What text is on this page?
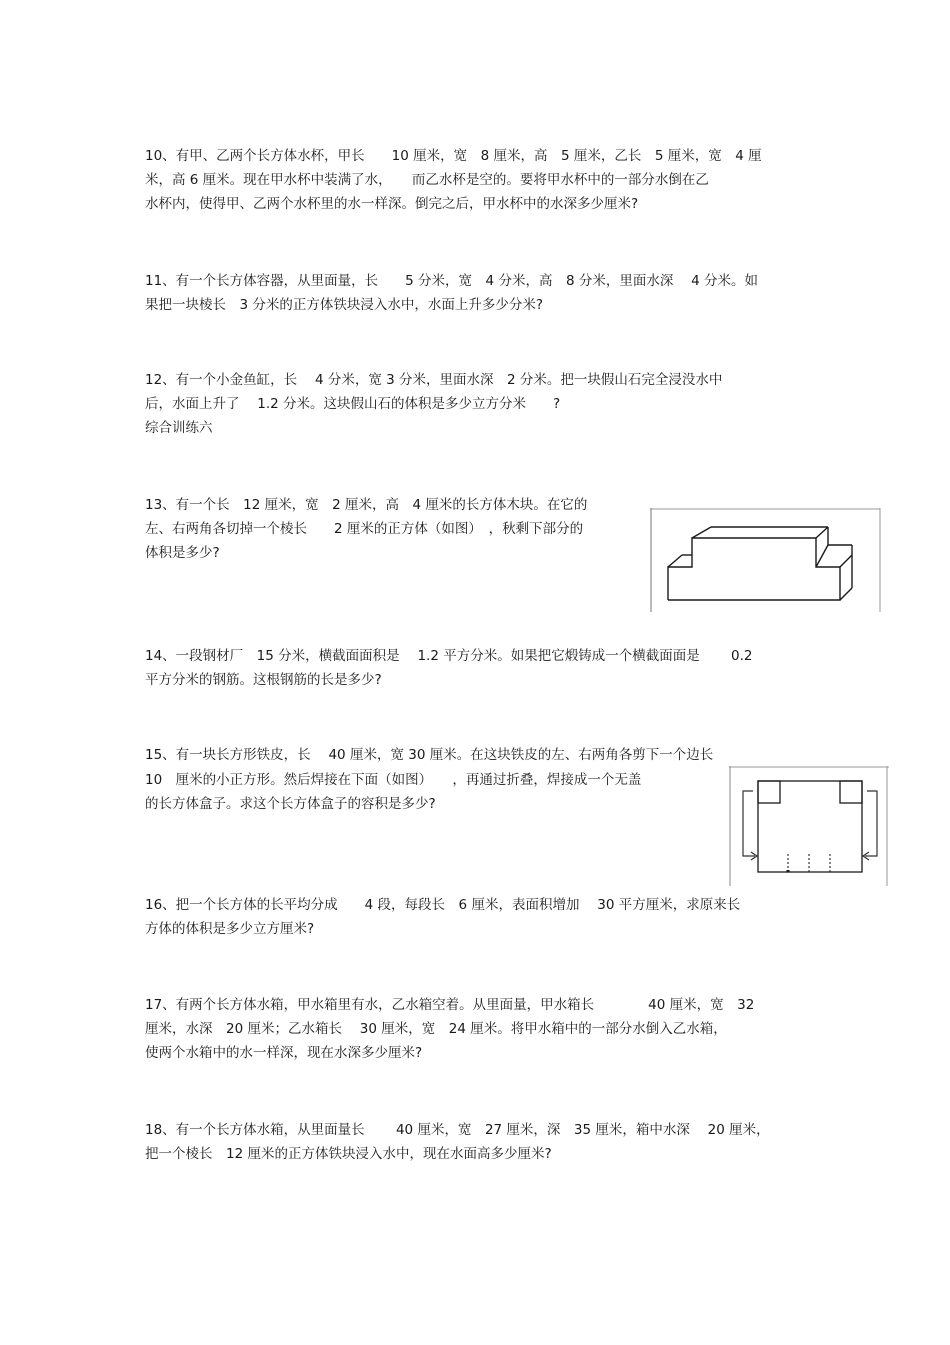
10、有甲、乙两个长方体水杯，甲长　　10 厘米，宽　8 厘米，高　5 厘米，乙长　5 厘米，宽　4 厘
米，高 6 厘米。现在甲水杯中装满了水，　　而乙水杯是空的。要将甲水杯中的一部分水倒在乙
水杯内，使得甲、乙两个水杯里的水一样深。倒完之后，甲水杯中的水深多少厘米?
11、有一个长方体容器，从里面量，长　　5 分米，宽　4 分米，高　8 分米，里面水深　 4 分米。如
果把一块棱长　3 分米的正方体铁块浸入水中，水面上升多少分米?
12、有一个小金鱼缸，长　 4 分米，宽 3 分米，里面水深　2 分米。把一块假山石完全浸没水中
后，水面上升了　 1.2 分米。这块假山石的体积是多少立方分米　　?
综合训练六
13、有一个长　12 厘米，宽　2 厘米，高　4 厘米的长方体木块。在它的
左、右两角各切掉一个棱长　　2 厘米的正方体（如图）　，秋剩下部分的
体积是多少?
14、一段钢材厂　15 分米，横截面面积是　 1.2 平方分米。如果把它煅铸成一个横截面面是　　 0.2
平方分米的钢筋。这根钢筋的长是多少?
15、有一块长方形铁皮，长　 40 厘米，宽 30 厘米。在这块铁皮的左、右两角各剪下一个边长
10　厘米的小正方形。然后焊接在下面（如图）　　，再通过折叠，焊接成一个无盖
的长方体盒子。求这个长方体盒子的容积是多少?
16、把一个长方体的长平均分成　　4 段，每段长　6 厘米，表面积增加　 30 平方厘米，求原来长
方体的体积是多少立方厘米?
17、有两个长方体水箱，甲水箱里有水，乙水箱空着。从里面量，甲水箱长　　　　40 厘米，宽　32
厘米，水深　20 厘米；乙水箱长　 30 厘米，宽　24 厘米。将甲水箱中的一部分水倒入乙水箱，
使两个水箱中的水一样深，现在水深多少厘米?
18、有一个长方体水箱，从里面量长　　 40 厘米，宽　27 厘米，深　35 厘米，箱中水深　 20 厘米，
把一个棱长　12 厘米的正方体铁块浸入水中，现在水面高多少厘米?
